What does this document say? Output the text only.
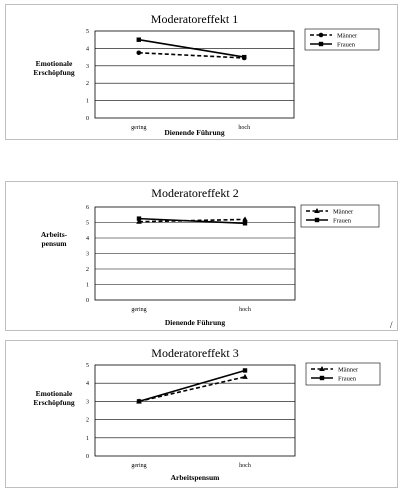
Moderatoreffekt 1
0
1
2
3
4
5
gering	hoch
Dienende Führung
Emotionale
Erschöpfung
Männer
Frauen
Moderatoreffekt 2
0
1
2
3
4
5
6
gering	hoch
Dienende Führung
Arbeits-
pensum
Männer
Frauen
Moderatoreffekt 3
0
1
2
3
4
5
gering	hoch
Arbeitspensum
Emotionale
Erschöpfung
Männer
Frauen
/
